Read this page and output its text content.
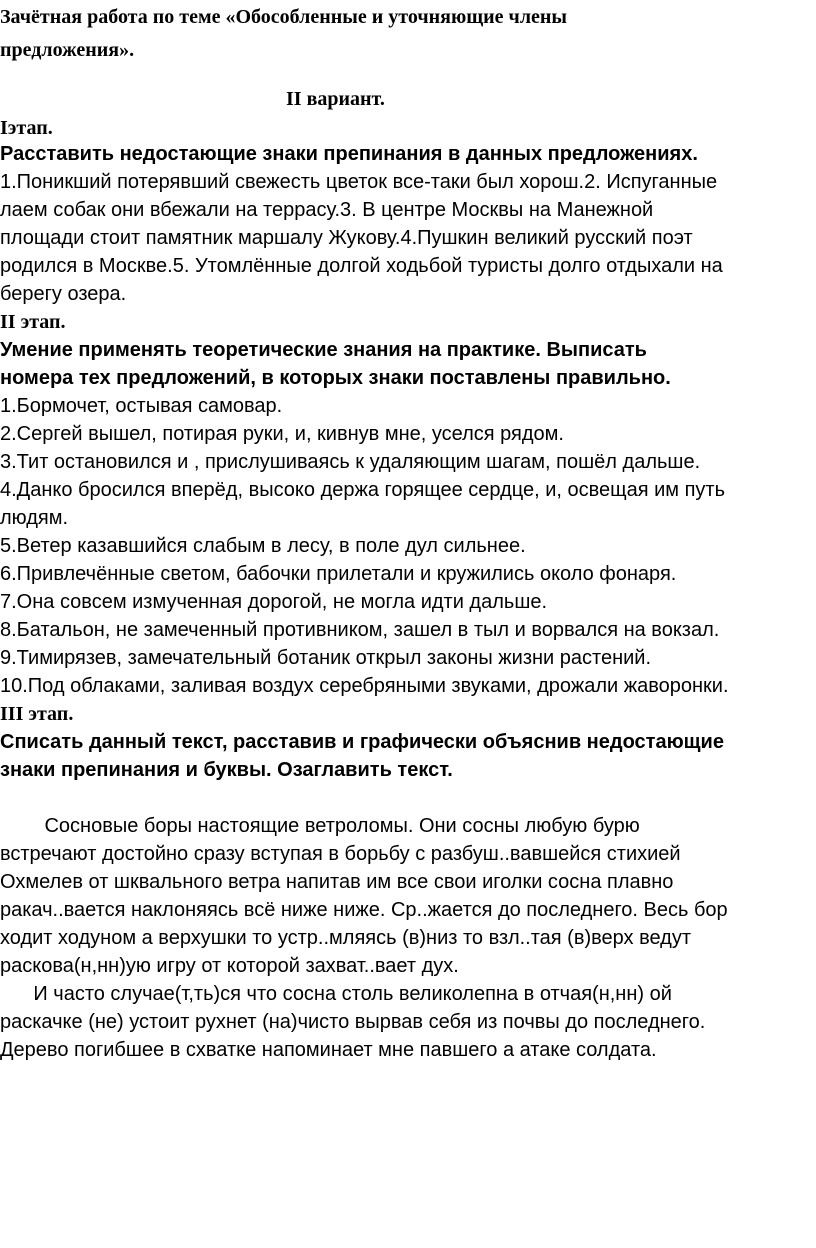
Зачётная работа по теме «Обособленные и уточняющие члены

предложения».

II вариант.

Iэтап.

Расставить недостающие знаки препинания в данных предложениях.

1.Поникший потерявший свежесть цветок все-таки был хорош.2. Испуганные

лаем собак они вбежали на террасу.3. В центре Москвы на Манежной

площади стоит памятник маршалу Жукову.4.Пушкин великий русский поэт

родился в Москве.5. Утомлённые долгой ходьбой туристы долго отдыхали на

берегу озера.

II этап.

Умение применять теоретические знания на практике. Выписать

номера тех предложений, в которых знаки поставлены правильно.

1.Бормочет, остывая самовар.

2.Сергей вышел, потирая руки, и, кивнув мне, уселся рядом.

3.Тит остановился и , прислушиваясь к удаляющим шагам, пошёл дальше.

4.Данко бросился вперёд, высоко держа горящее сердце, и, освещая им путь

людям.

5.Ветер казавшийся слабым в лесу, в поле дул сильнее.

6.Привлечённые светом, бабочки прилетали и кружились около фонаря.

7.Она совсем измученная дорогой, не могла идти дальше.

8.Батальон, не замеченный противником, зашел в тыл и ворвался на вокзал.

9.Тимирязев, замечательный ботаник открыл законы жизни растений.

10.Под облаками, заливая воздух серебряными звуками, дрожали жаворонки.

III этап.

Списать данный текст, расставив и графически объяснив недостающие

знаки препинания и буквы. Озаглавить текст.

Сосновые боры настоящие ветроломы. Они сосны любую бурю

встречают достойно сразу вступая в борьбу с разбуш..вавшейся стихией

Охмелев от шквального ветра напитав им все свои иголки сосна плавно

ракач..вается наклоняясь всё ниже ниже. Ср..жается до последнего. Весь бор

ходит ходуном а верхушки то устр..мляясь (в)низ то взл..тая (в)верх ведут

раскова(н,нн)ую игру от которой захват..вает дух.

И часто случае(т,ть)ся что сосна столь великолепна в отчая(н,нн) ой

раскачке (не) устоит рухнет (на)чисто вырвав себя из почвы до последнего.

Дерево погибшее в схватке напоминает мне павшего а атаке солдата.
